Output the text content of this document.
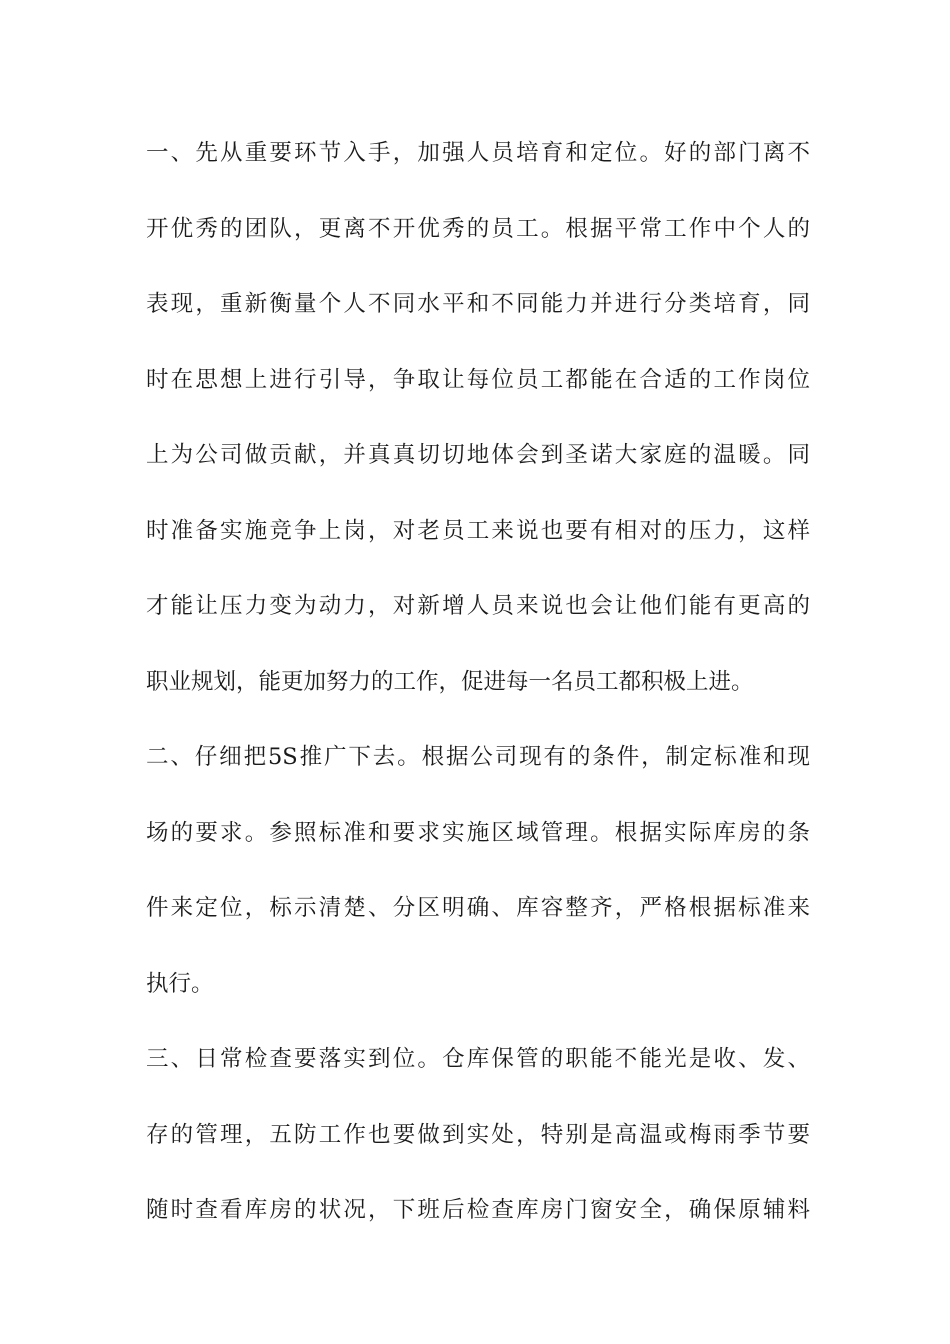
一、先从重要环节入手，加强人员培育和定位。好的部门离不
开优秀的团队，更离不开优秀的员工。根据平常工作中个人的
表现，重新衡量个人不同水平和不同能力并进行分类培育，同
时在思想上进行引导，争取让每位员工都能在合适的工作岗位
上为公司做贡献，并真真切切地体会到圣诺大家庭的温暖。同
时准备实施竞争上岗，对老员工来说也要有相对的压力，这样
才能让压力变为动力，对新增人员来说也会让他们能有更高的
职业规划，能更加努力的工作，促进每一名员工都积极上进。
二、仔细把5S推广下去。根据公司现有的条件，制定标准和现
场的要求。参照标准和要求实施区域管理。根据实际库房的条
件来定位，标示清楚、分区明确、库容整齐，严格根据标准来
执行。
三、日常检查要落实到位。仓库保管的职能不能光是收、发、
存的管理，五防工作也要做到实处，特别是高温或梅雨季节要
随时查看库房的状况，下班后检查库房门窗安全，确保原辅料
